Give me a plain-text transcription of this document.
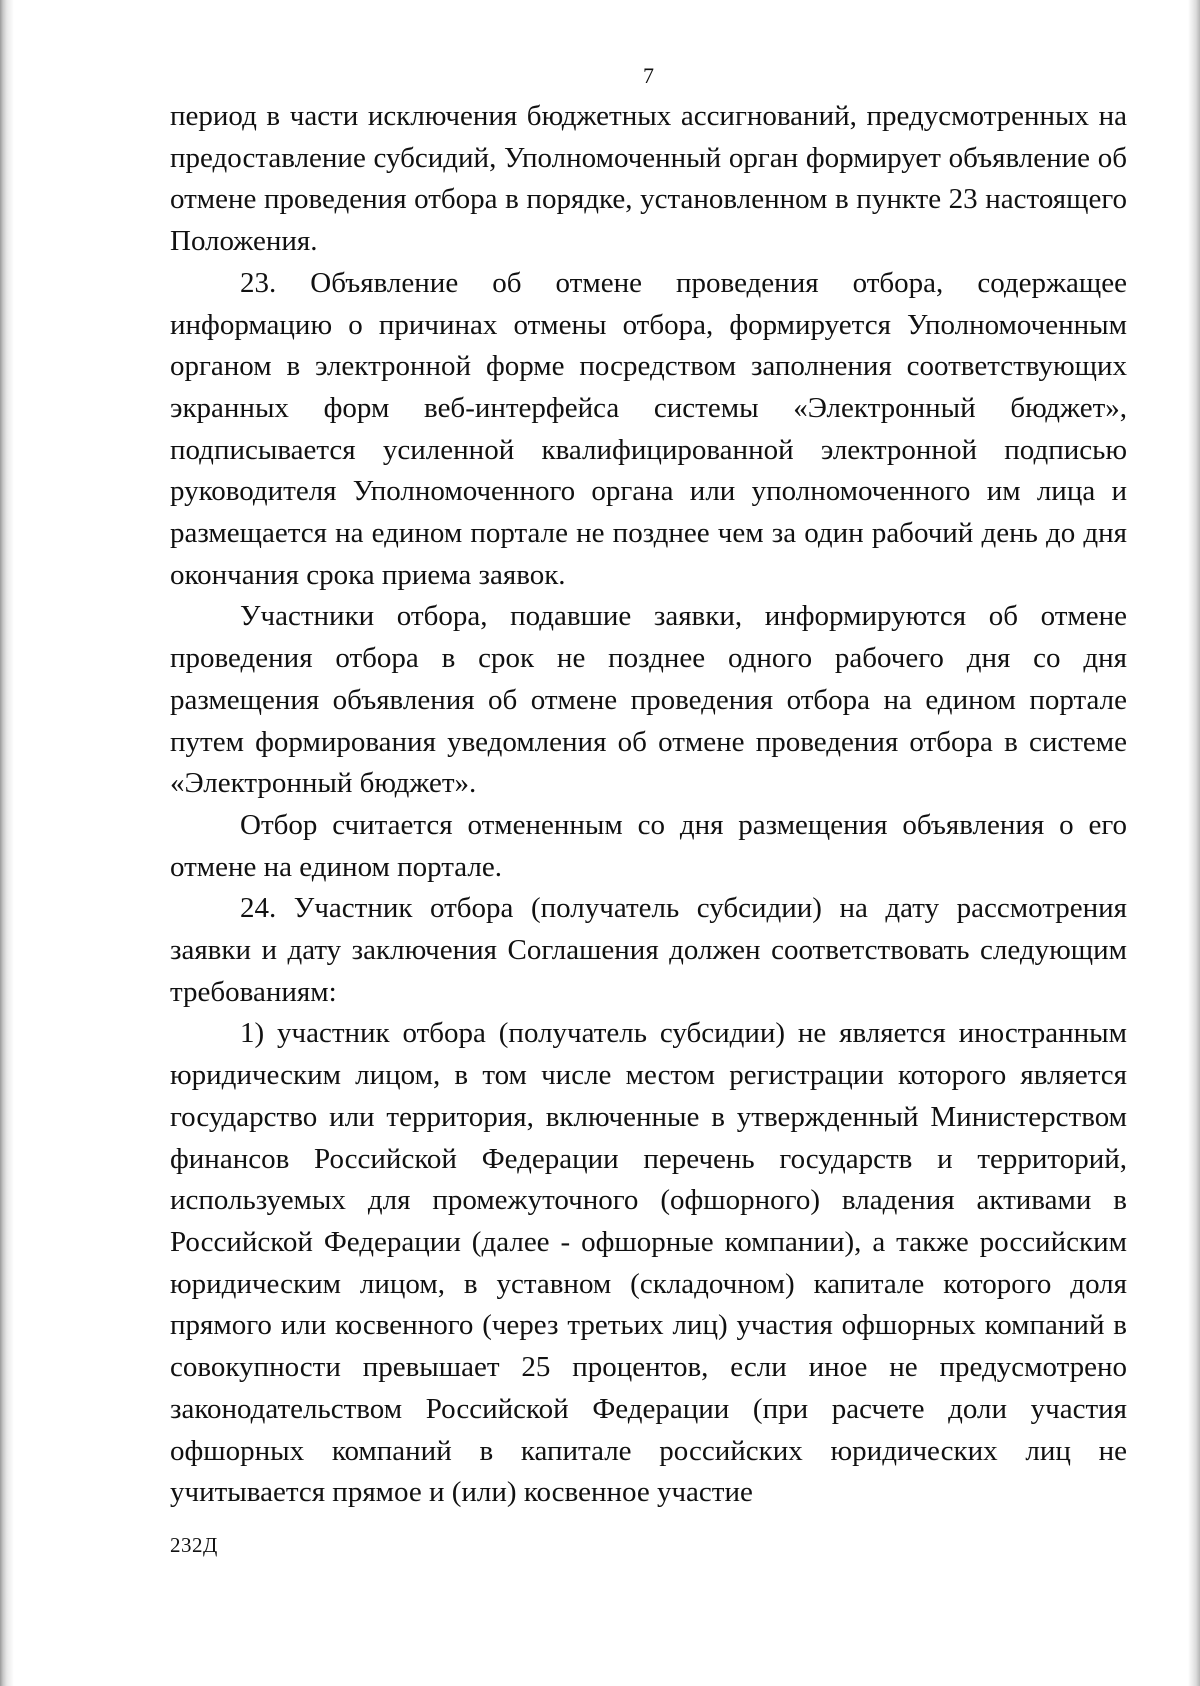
7

период в части исключения бюджетных ассигнований, предусмотренных на предоставление субсидий, Уполномоченный орган формирует объявление об отмене проведения отбора в порядке, установленном в пункте 23 настоящего Положения.

23. Объявление об отмене проведения отбора, содержащее информацию о причинах отмены отбора, формируется Уполномоченным органом в электронной форме посредством заполнения соответствующих экранных форм веб-интерфейса системы «Электронный бюджет», подписывается усиленной квалифицированной электронной подписью руководителя Уполномоченного органа или уполномоченного им лица и размещается на едином портале не позднее чем за один рабочий день до дня окончания срока приема заявок.

Участники отбора, подавшие заявки, информируются об отмене проведения отбора в срок не позднее одного рабочего дня со дня размещения объявления об отмене проведения отбора на едином портале путем формирования уведомления об отмене проведения отбора в системе «Электронный бюджет».

Отбор считается отмененным со дня размещения объявления о его отмене на едином портале.

24. Участник отбора (получатель субсидии) на дату рассмотрения заявки и дату заключения Соглашения должен соответствовать следующим требованиям:

1) участник отбора (получатель субсидии) не является иностранным юридическим лицом, в том числе местом регистрации которого является государство или территория, включенные в утвержденный Министерством финансов Российской Федерации перечень государств и территорий, используемых для промежуточного (офшорного) владения активами в Российской Федерации (далее - офшорные компании), а также российским юридическим лицом, в уставном (складочном) капитале которого доля прямого или косвенного (через третьих лиц) участия офшорных компаний в совокупности превышает 25 процентов, если иное не предусмотрено законодательством Российской Федерации (при расчете доли участия офшорных компаний в капитале российских юридических лиц не учитывается прямое и (или) косвенное участие

232Д
